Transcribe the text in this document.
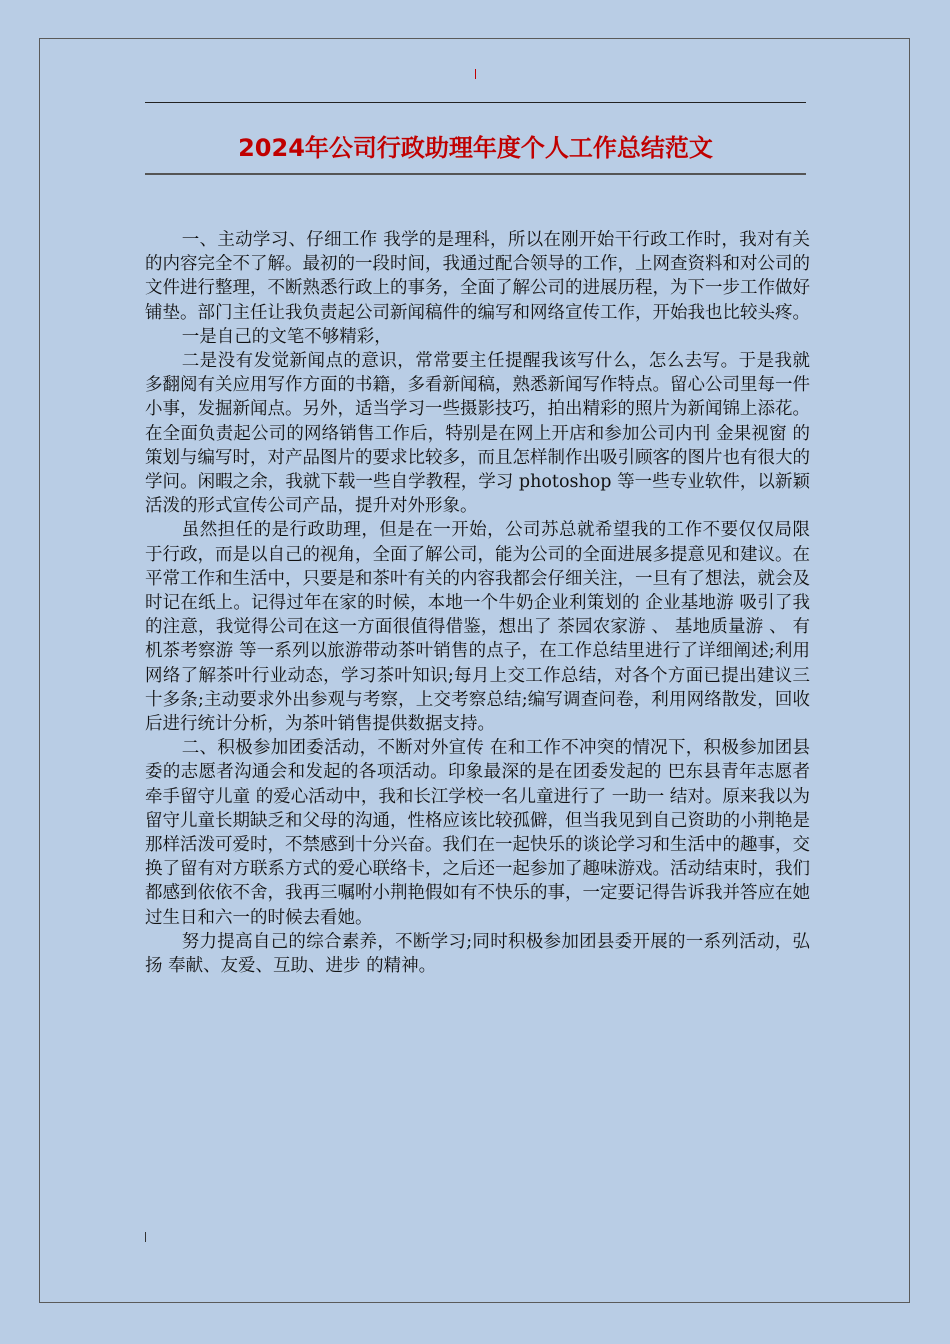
2024年公司行政助理年度个人工作总结范文

一、主动学习、仔细工作 我学的是理科，所以在刚开始干行政工作时，我对有关的内容完全不了解。最初的一段时间，我通过配合领导的工作，上网查资料和对公司的文件进行整理，不断熟悉行政上的事务，全面了解公司的进展历程，为下一步工作做好铺垫。部门主任让我负责起公司新闻稿件的编写和网络宣传工作，开始我也比较头疼。

一是自己的文笔不够精彩，

二是没有发觉新闻点的意识，常常要主任提醒我该写什么，怎么去写。于是我就多翻阅有关应用写作方面的书籍，多看新闻稿，熟悉新闻写作特点。留心公司里每一件小事，发掘新闻点。另外，适当学习一些摄影技巧，拍出精彩的照片为新闻锦上添花。在全面负责起公司的网络销售工作后，特别是在网上开店和参加公司内刊 金果视窗 的策划与编写时，对产品图片的要求比较多，而且怎样制作出吸引顾客的图片也有很大的学问。闲暇之余，我就下载一些自学教程，学习 photoshop 等一些专业软件，以新颖活泼的形式宣传公司产品，提升对外形象。

虽然担任的是行政助理，但是在一开始，公司苏总就希望我的工作不要仅仅局限于行政，而是以自己的视角，全面了解公司，能为公司的全面进展多提意见和建议。在平常工作和生活中，只要是和茶叶有关的内容我都会仔细关注，一旦有了想法，就会及时记在纸上。记得过年在家的时候，本地一个牛奶企业利策划的 企业基地游 吸引了我的注意，我觉得公司在这一方面很值得借鉴，想出了 茶园农家游 、 基地质量游 、 有机茶考察游 等一系列以旅游带动茶叶销售的点子，在工作总结里进行了详细阐述;利用网络了解茶叶行业动态，学习茶叶知识;每月上交工作总结，对各个方面已提出建议三十多条;主动要求外出参观与考察，上交考察总结;编写调查问卷，利用网络散发，回收后进行统计分析，为茶叶销售提供数据支持。

二、积极参加团委活动，不断对外宣传 在和工作不冲突的情况下，积极参加团县委的志愿者沟通会和发起的各项活动。印象最深的是在团委发起的 巴东县青年志愿者牵手留守儿童 的爱心活动中，我和长江学校一名儿童进行了 一助一 结对。原来我以为留守儿童长期缺乏和父母的沟通，性格应该比较孤僻，但当我见到自己资助的小荆艳是那样活泼可爱时，不禁感到十分兴奋。我们在一起快乐的谈论学习和生活中的趣事，交换了留有对方联系方式的爱心联络卡，之后还一起参加了趣味游戏。活动结束时，我们都感到依依不舍，我再三嘱咐小荆艳假如有不快乐的事，一定要记得告诉我并答应在她过生日和六一的时候去看她。

努力提高自己的综合素养，不断学习;同时积极参加团县委开展的一系列活动，弘扬 奉献、友爱、互助、进步 的精神。
